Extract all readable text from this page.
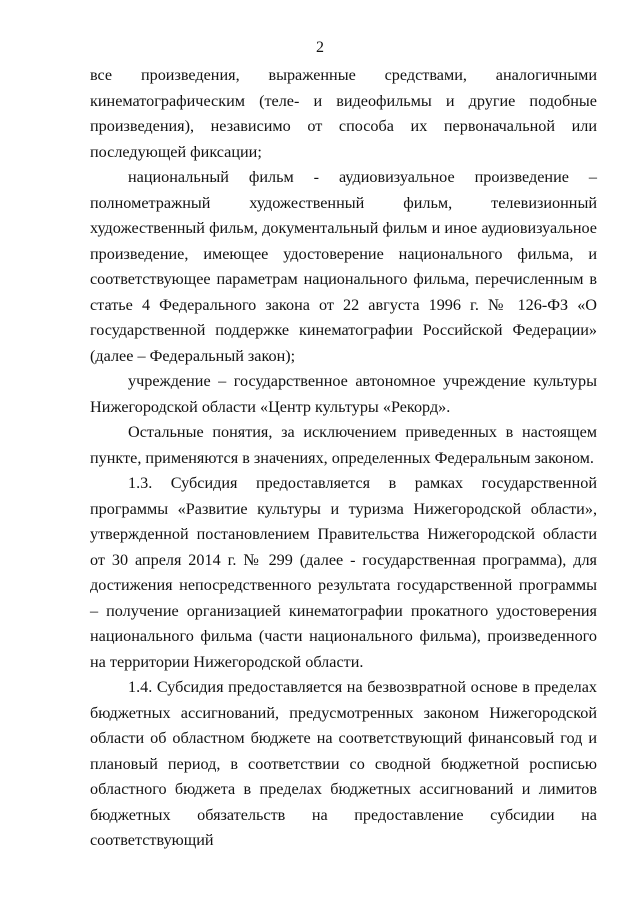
2

все произведения, выраженные средствами, аналогичными кинематографическим (теле- и видеофильмы и другие подобные произведения), независимо от способа их первоначальной или последующей фиксации;

национальный фильм - аудиовизуальное произведение – полнометражный художественный фильм, телевизионный художественный фильм, документальный фильм и иное аудиовизуальное произведение, имеющее удостоверение национального фильма, и соответствующее параметрам национального фильма, перечисленным в статье 4 Федерального закона от 22 августа 1996 г. № 126-ФЗ «О государственной поддержке кинематографии Российской Федерации» (далее – Федеральный закон);

учреждение – государственное автономное учреждение культуры Нижегородской области «Центр культуры «Рекорд».

Остальные понятия, за исключением приведенных в настоящем пункте, применяются в значениях, определенных Федеральным законом.

1.3. Субсидия предоставляется в рамках государственной программы «Развитие культуры и туризма Нижегородской области», утвержденной постановлением Правительства Нижегородской области от 30 апреля 2014 г. № 299 (далее - государственная программа), для достижения непосредственного результата государственной программы – получение организацией кинематографии прокатного удостоверения национального фильма (части национального фильма), произведенного на территории Нижегородской области.

1.4. Субсидия предоставляется на безвозвратной основе в пределах бюджетных ассигнований, предусмотренных законом Нижегородской области об областном бюджете на соответствующий финансовый год и плановый период, в соответствии со сводной бюджетной росписью областного бюджета в пределах бюджетных ассигнований и лимитов бюджетных обязательств на предоставление субсидии на соответствующий
